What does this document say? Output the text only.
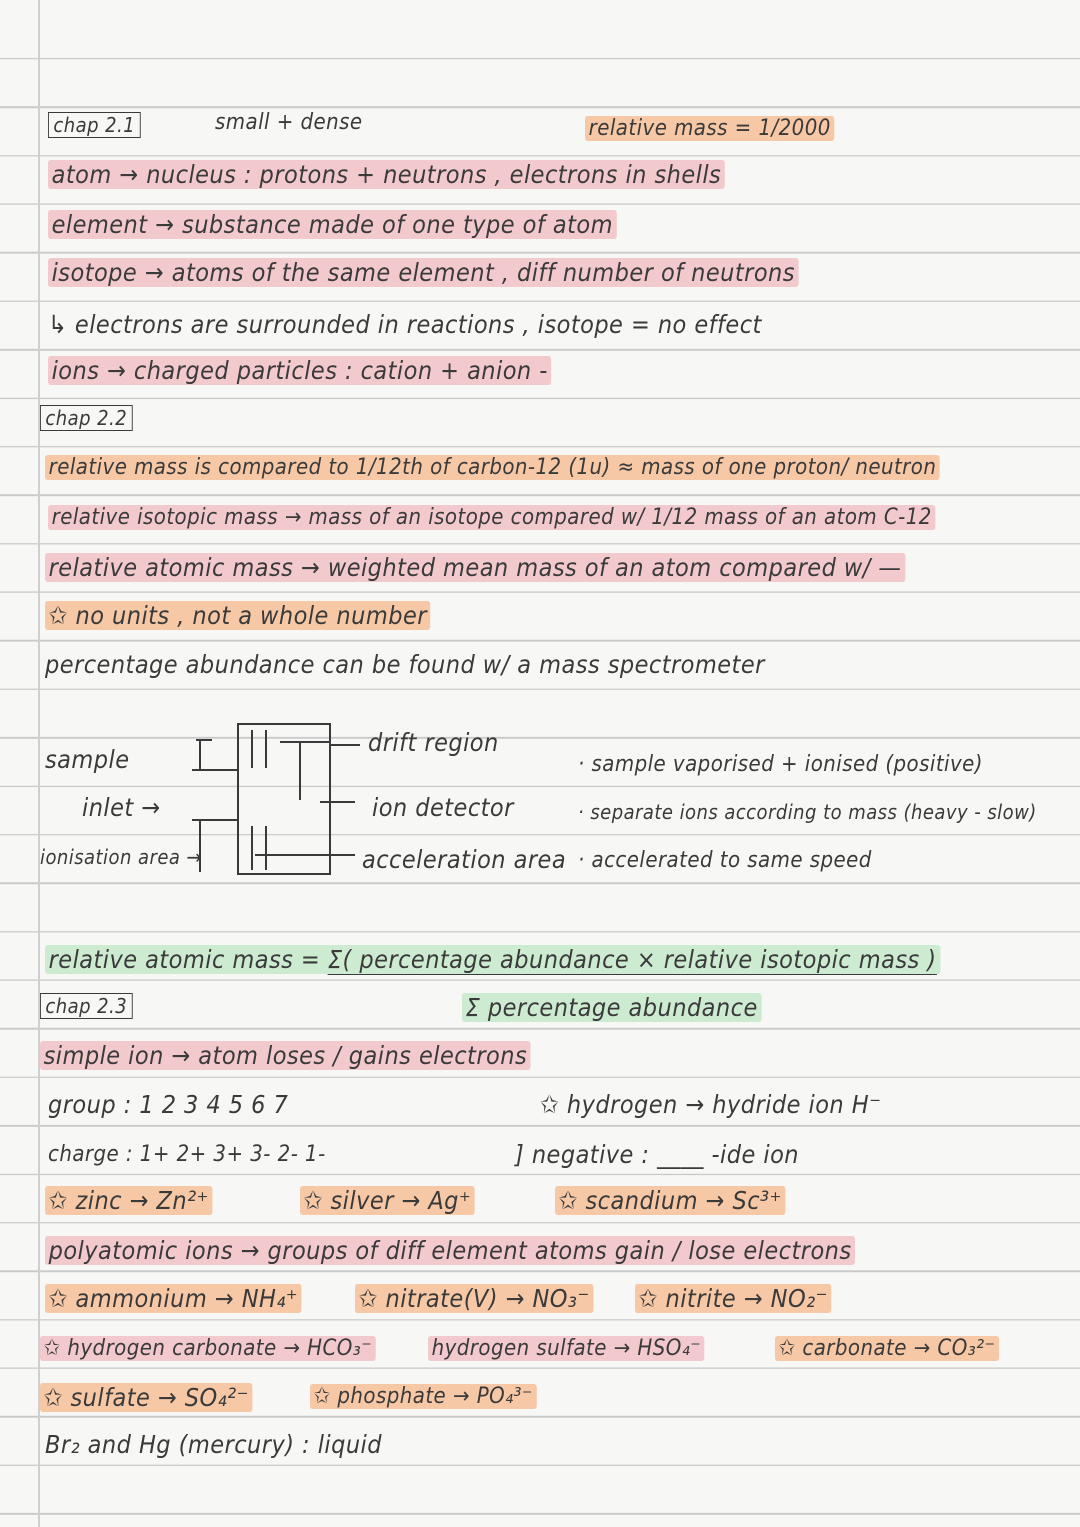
chap 2.1	small + dense	relative mass = 1/2000
atom → nucleus : protons + neutrons , electrons in shells
element → substance made of one type of atom
isotope → atoms of the same element , diff number of neutrons
↳ electrons are surrounded in reactions , isotope = no effect
ions → charged particles : cation + anion -
chap 2.2
relative mass is compared to 1/12th of carbon-12 (1u) ≈ mass of one proton/ neutron
relative isotopic mass → mass of an isotope compared w/ 1/12 mass of an atom C-12
relative atomic mass → weighted mean mass of an atom compared w/ —
✩ no units , not a whole number
percentage abundance can be found w/ a mass spectrometer
sample
inlet →
ionisation area →
drift region
ion detector
acceleration area
· sample vaporised + ionised (positive)
· separate ions according to mass (heavy - slow)
· accelerated to same speed
relative atomic mass = Σ( percentage abundance × relative isotopic mass )
Σ percentage abundance
chap 2.3
simple ion → atom loses / gains electrons
group : 1 2 3 4 5 6 7	✩ hydrogen → hydride ion H⁻
charge : 1+ 2+ 3+ 3- 2- 1-	] negative : ____ -ide ion
✩ zinc → Zn²⁺	✩ silver → Ag⁺	✩ scandium → Sc³⁺
polyatomic ions → groups of diff element atoms gain / lose electrons
✩ ammonium → NH₄⁺ ✩ nitrate(V) → NO₃⁻ ✩ nitrite → NO₂⁻
✩ hydrogen carbonate → HCO₃⁻	hydrogen sulfate → HSO₄⁻	✩ carbonate → CO₃²⁻
✩ sulfate → SO₄²⁻	✩ phosphate → PO₄³⁻
Br₂ and Hg (mercury) : liquid
